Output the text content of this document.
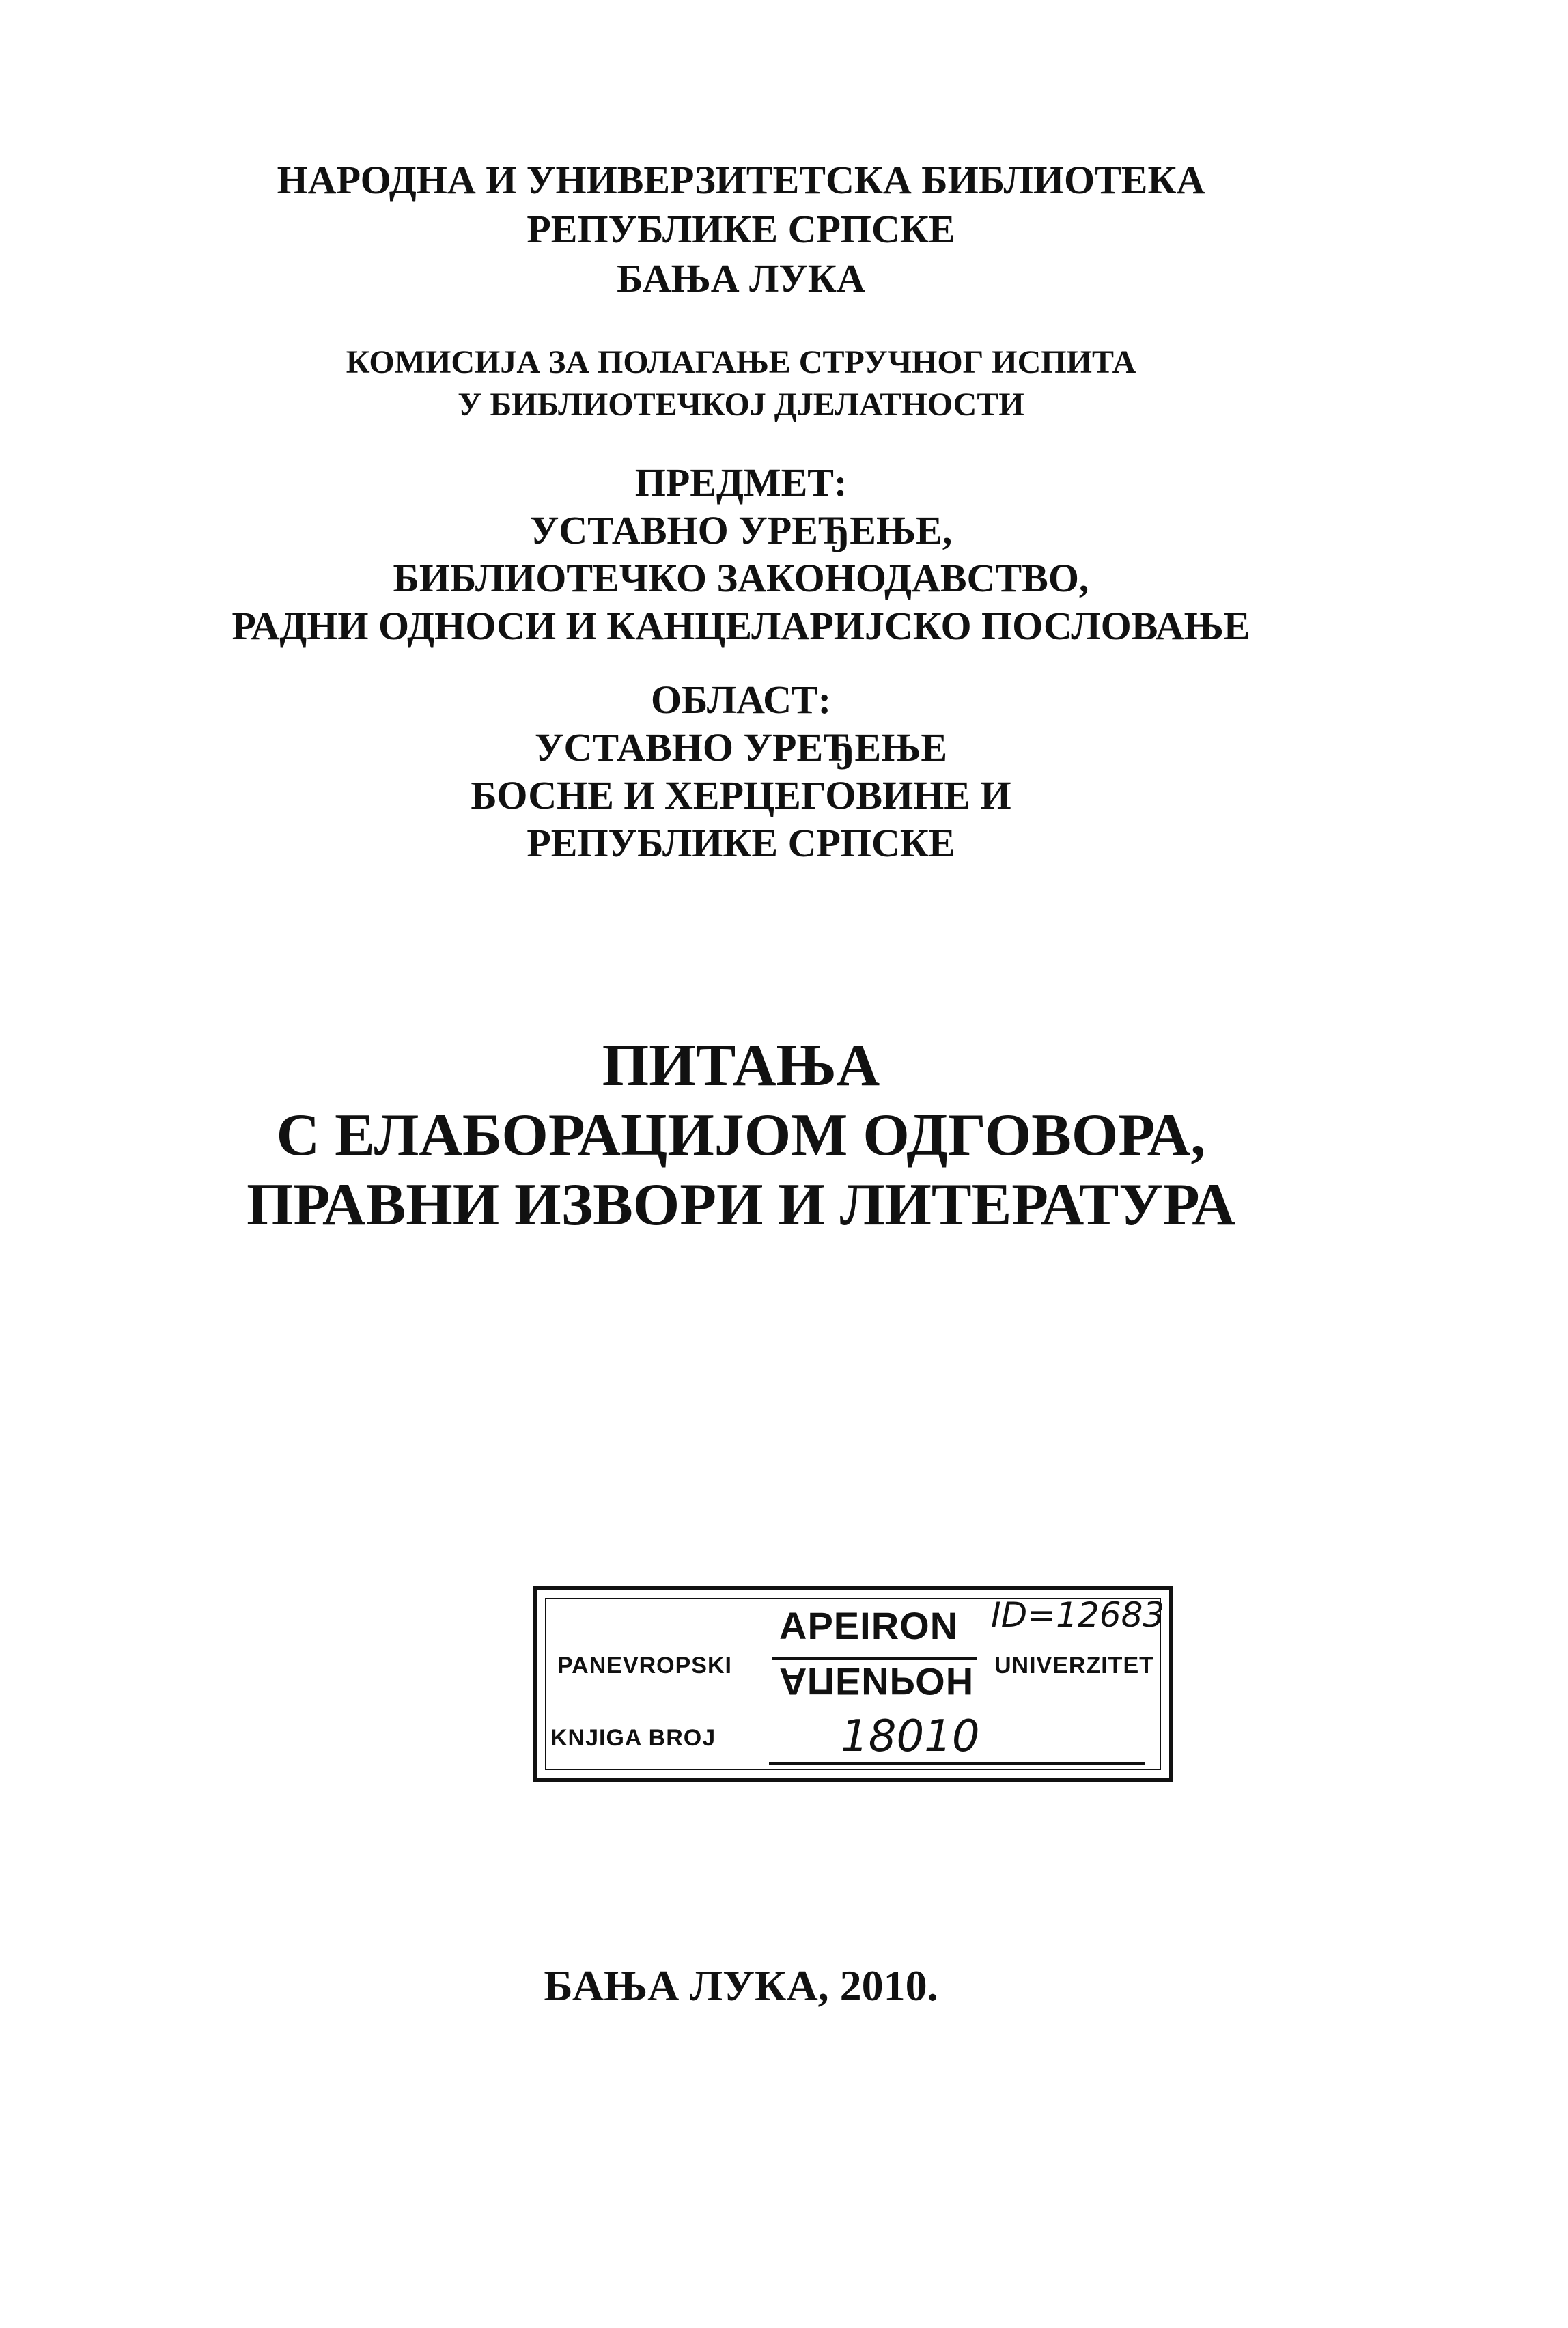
НАРОДНА И УНИВЕРЗИТЕТСКА БИБЛИОТЕКА
РЕПУБЛИКЕ СРПСКЕ
БАЊА ЛУКА
КОМИСИЈА ЗА ПОЛАГАЊЕ СТРУЧНОГ ИСПИТА
У БИБЛИОТЕЧКОЈ ДЈЕЛАТНОСТИ
ПРЕДМЕТ:
УСТАВНО УРЕЂЕЊЕ,
БИБЛИОТЕЧКО ЗАКОНОДАВСТВО,
РАДНИ ОДНОСИ И КАНЦЕЛАРИЈСКО ПОСЛОВАЊЕ
ОБЛАСТ:
УСТАВНО УРЕЂЕЊЕ
БОСНЕ И ХЕРЦЕГОВИНЕ И
РЕПУБЛИКЕ СРПСКЕ
ПИТАЊА
С ЕЛАБОРАЦИЈОМ ОДГОВОРА,
ПРАВНИ ИЗВОРИ И ЛИТЕРАТУРА
PANEVROPSKI
APEIRON
АПЕИРОН UNIVERZITET
ID=12683
KNJIGA BROJ	18010
БАЊА ЛУКА, 2010.
